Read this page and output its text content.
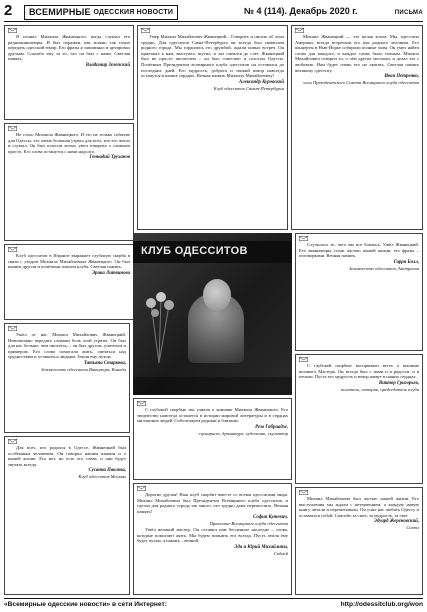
2	ВСЕМИРНЫЕ $^{ОДЕССКИЯ НОВОСТИ}$	№ 4 (114). Декабрь 2020 г.	ПИСЬМА

Я познал Михаила Жванецкого, когда слушал его радиоминиатюры. И был поражен, как можно так точно передать одесский юмор. Его фразы я запоминал и цитировал друзьям. Спасибо ему за то, что он был с нами. Светлая память.

Владимир Зеленский

Не стало Михаила Жванецкого. И это не только событие для Одессы, это очень большая утрата для всех, кто его читал и слушал. Он был голосом эпохи, умел говорить о сложном просто. Его слова останутся с нами надолго.

Геннадий Труханов

Клуб одесситов в Израиле выражает глубокую скорбь в связи с уходом Михаила Михайловича Жванецкого. Он был нашим другом и почётным членом клуба. Светлая память.

Эрика Литвинова

Умер Михаил Михайлович Жванецкий... Говорить и писать об этом трудно. Для одесситов Санкт-Петербурга он всегда был символом родного города. Мы гордились его дружбой, ждали новых встреч. Он приезжал к нам, выступал, шутил, и зал смеялся до слёз. Жванецкий был не просто писателем – он был совестью и голосом Одессы. Почётным Президентом всемирного клуба одесситов он оставался до последних дней. Его мудрость, доброта и тонкий юмор навсегда останутся в наших сердцах. Вечная память Михаилу Михайловичу!

Александр Куровский

Клуб одесситов Санкт-Петербурга

Михаил Жванецкий — это целая эпоха. Мы, одесситы Америки, всегда встречали его как родного человека. Его концерты в Нью-Йорке собирали полные залы. Он умел найти слово для каждого, и каждое слово было точным. Михаил Михайлович говорил то, о чём другие молчали, и делал это с любовью. Нам будет очень его не хватать. Светлая память великому одесситу.

Иван Петренко,

член Президентского Совета Всемирного клуба одесситов

Ушёл от нас Михаил Михайлович Жванецкий. Невозможно передать словами боль этой утраты. Он был для нас больше, чем писатель, – он был другом, учителем и примером. Его слова помогали жить, смеяться над трудностями и оставаться людьми. Земля ему пухом.

Татьяна Старкова,

Землячество одесситов Ванкувера, Канада

КЛУБ ОДЕССИТОВ

Случилось то, чего мы все боялись. Ушёл Жванецкий. Его миниатюры стали частью нашей жизни, его фразы – поговорками. Вечная память.

Гарри Болл,

Землячество одесситов, Австралия

С глубокой скорбью восприняли весть о кончине великого Мастера. Он всегда был с нами и в радости, и в печали. Пусть его мудрость и юмор живут в наших сердцах.

Виктор Григорьев,

писатель, сатирик, председатель клуба

Михаил Михайлович был частью нашей жизни. Его выступления мы ждали с нетерпением, а каждую новую книгу читали и перечитывали. Он учил нас любить Одессу и оставаться собой. Спасибо за смех, за мудрость, за свет.

Эдуард Жереновский,

Сиэтл

Для всех, кто родился в Одессе, Жванецкий был особенным человеком. Он говорил нашим языком и о нашей жизни. Его нет, но есть его слова, и они будут звучать всегда.

Сусанна Павлова,

Клуб одесситов Москвы

С глубокой скорбью мы узнали о кончине Михаила Жванецкого. Его творчество навсегда останется в истории мировой литературы и в сердцах миллионов людей. Соболезнуем родным и близким.

Резо Габриадзе,

сценарист, драматург, художник, скульптор

Дорогие друзья! Наш клуб скорбит вместе со всеми одесситами мира. Михаил Михайлович был Президентом Всемирного клуба одесситов, и сделал для родного города так много, что трудно даже перечислить. Вечная память!

София Кутевич,

Правление Всемирного клуба одесситов

Ушёл великий мастер. Он оставил нам бесценное наследие – слова, которые помогают жить. Мы будем помнить его всегда. Пусть земля ему будет пухом, а память – вечной.

Эда и Юрий Михайлины,

Сидней

«Всемирные одесские новости» в сети Интернет:	http://odessitclub.org/won
